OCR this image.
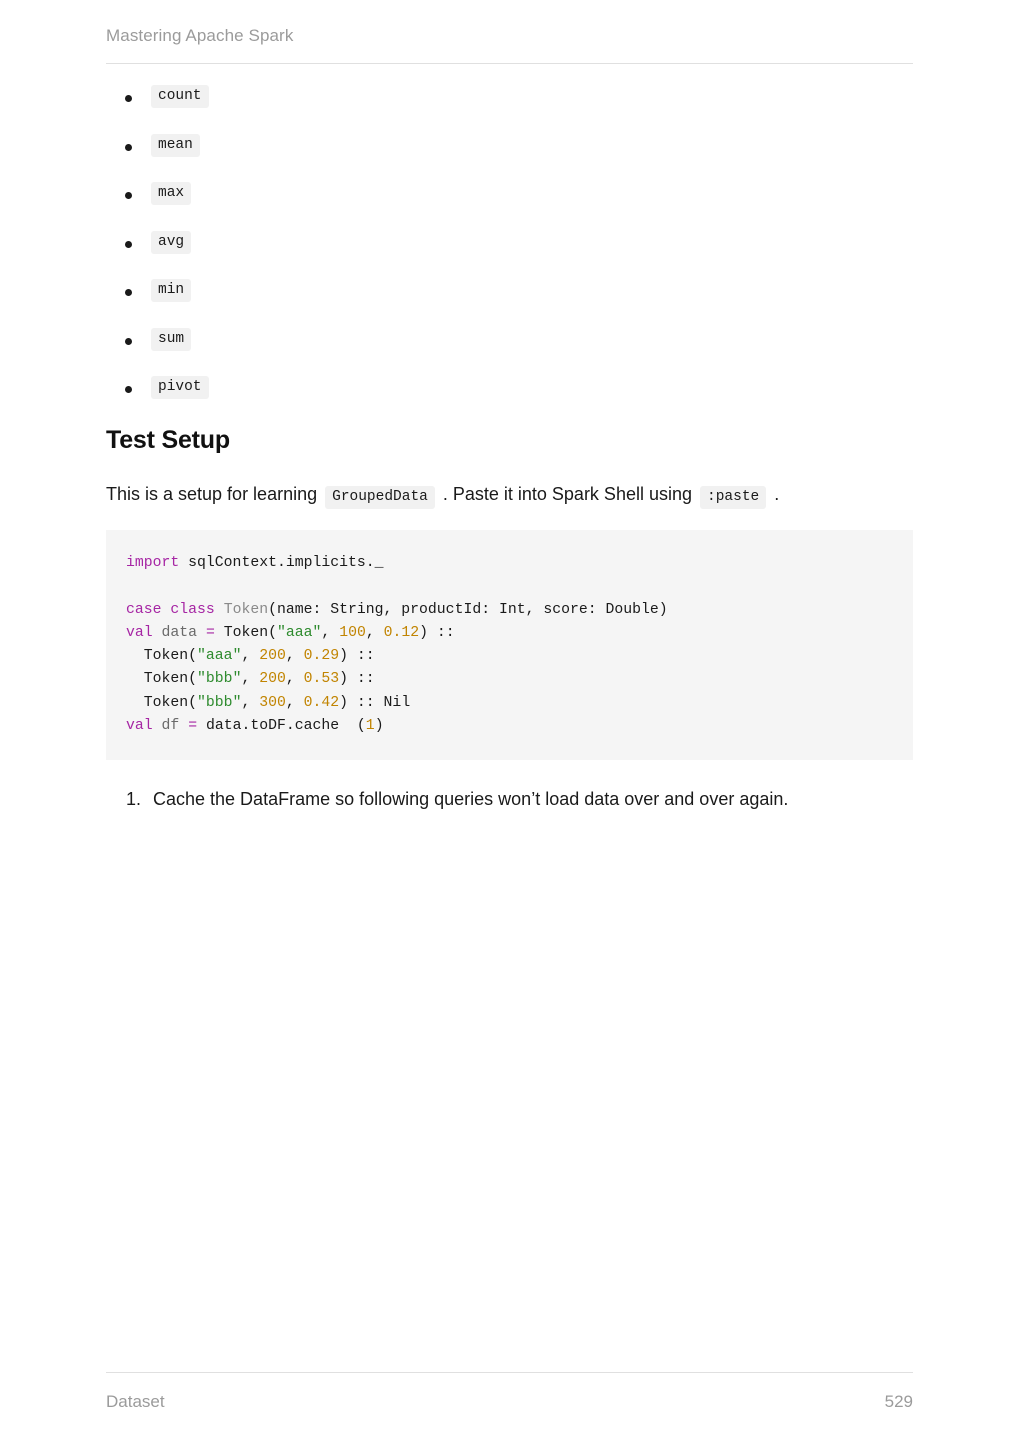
Mastering Apache Spark
count
mean
max
avg
min
sum
pivot
Test Setup

This is a setup for learning GroupedData . Paste it into Spark Shell using :paste .

import sqlContext.implicits._

case class Token(name: String, productId: Int, score: Double)
val data = Token("aaa", 100, 0.12) ::
Token("aaa", 200, 0.29) ::
Token("bbb", 200, 0.53) ::
Token("bbb", 300, 0.42) :: Nil
val df = data.toDF.cache  (1)
1. Cache the DataFrame so following queries won’t load data over and over again.
Dataset	529
